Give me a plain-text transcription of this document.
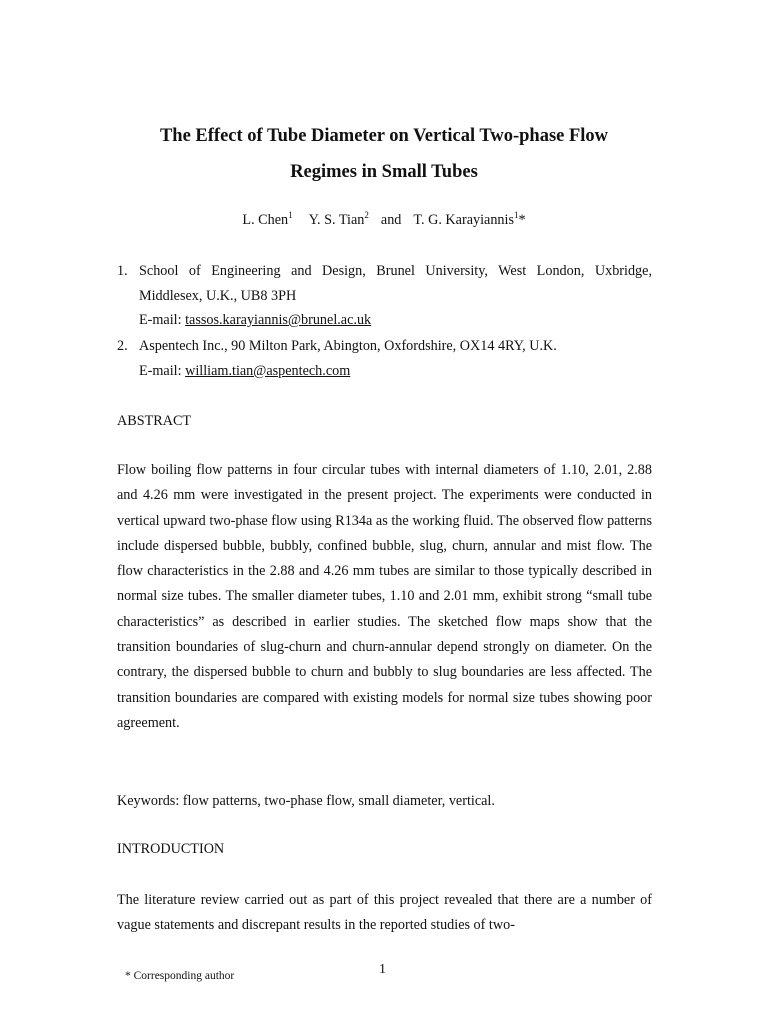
The Effect of Tube Diameter on Vertical Two-phase Flow
Regimes in Small Tubes
L. Chen$^1$ Y. S. Tian$^2$ and T. G. Karayiannis$^1$*
1. School of Engineering and Design, Brunel University, West London, Uxbridge, Middlesex, U.K., UB8 3PH
E-mail: tassos.karayiannis@brunel.ac.uk
2. Aspentech Inc., 90 Milton Park, Abington, Oxfordshire, OX14 4RY, U.K.
E-mail: william.tian@aspentech.com
ABSTRACT
Flow boiling flow patterns in four circular tubes with internal diameters of 1.10, 2.01, 2.88 and 4.26 mm were investigated in the present project. The experiments were conducted in vertical upward two-phase flow using R134a as the working fluid. The observed flow patterns include dispersed bubble, bubbly, confined bubble, slug, churn, annular and mist flow. The flow characteristics in the 2.88 and 4.26 mm tubes are similar to those typically described in normal size tubes. The smaller diameter tubes, 1.10 and 2.01 mm, exhibit strong “small tube characteristics” as described in earlier studies. The sketched flow maps show that the transition boundaries of slug-churn and churn-annular depend strongly on diameter. On the contrary, the dispersed bubble to churn and bubbly to slug boundaries are less affected. The transition boundaries are compared with existing models for normal size tubes showing poor agreement.
Keywords: flow patterns, two-phase flow, small diameter, vertical.
INTRODUCTION
The literature review carried out as part of this project revealed that there are a number of vague statements and discrepant results in the reported studies of two-
* Corresponding author	1
